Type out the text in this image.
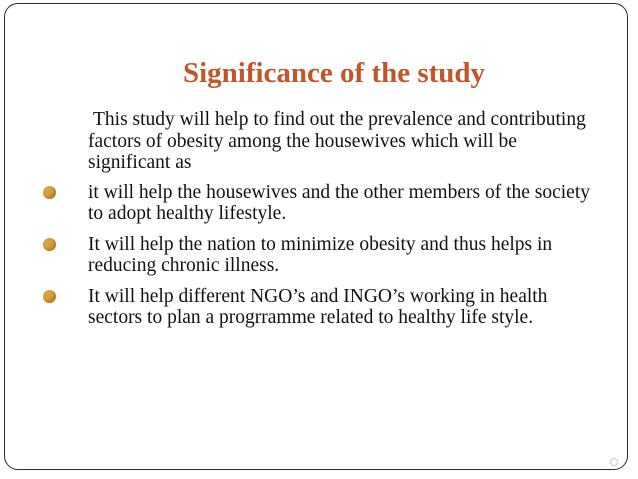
Significance of the study

This study will help to find out the prevalence and contributing factors of obesity among the housewives which will be significant as

it will help the housewives and the other members of the society to adopt healthy lifestyle.
It will help the nation to minimize obesity and thus helps in reducing chronic illness.
It will help different NGO’s and INGO’s working in health sectors to plan a progrramme related to healthy life style.
